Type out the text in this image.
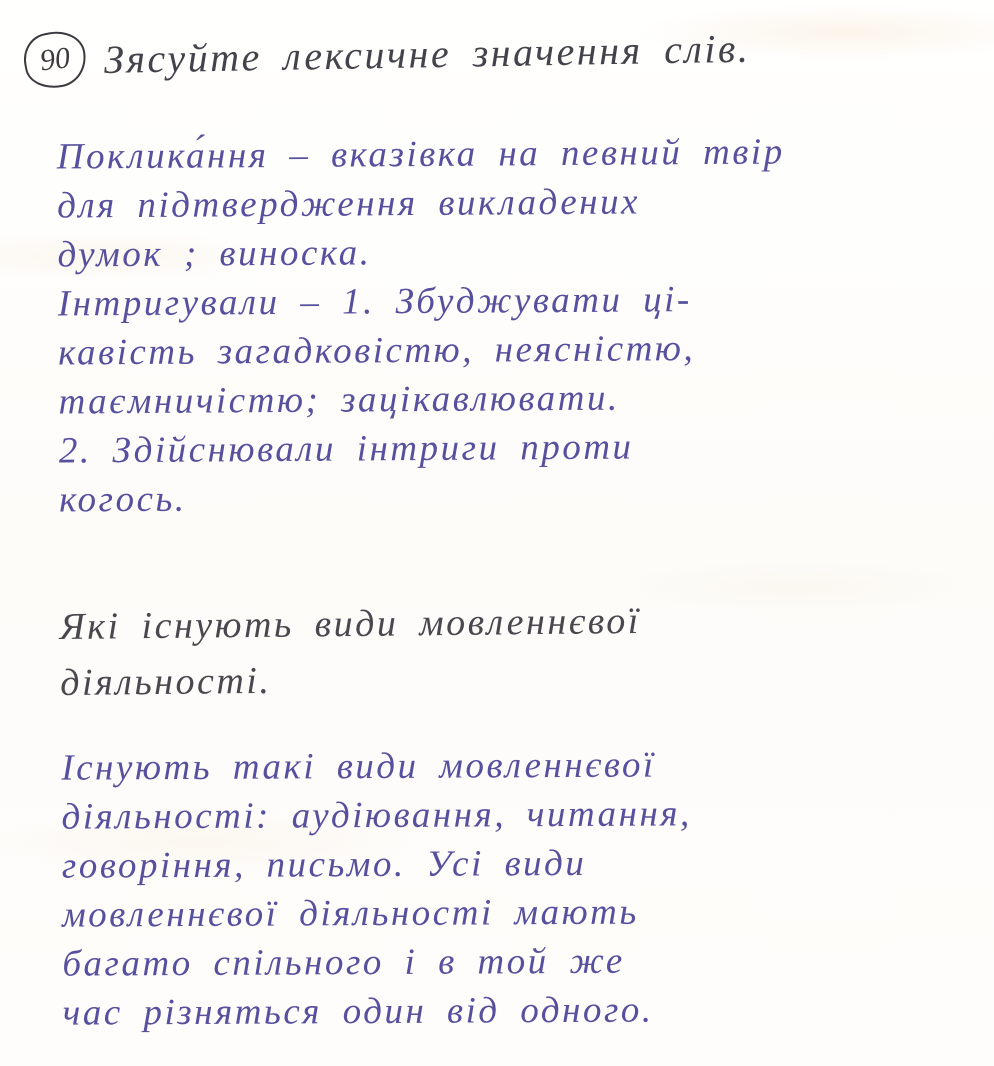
90 Зясуйте лексичне значення слів.
Поклика́ння – вказівка на певний твір
для підтвердження викладених
думок ; виноска.
Інтригували – 1. Збуджувати ці-
кавість загадковістю, неясністю,
таємничістю; зацікавлювати.
2. Здійснювали інтриги проти
когось.
Які існують види мовленнєвої
діяльності.
Існують такі види мовленнєвої
діяльності: аудіювання, читання,
говоріння, письмо. Усі види
мовленнєвої діяльності мають
багато спільного і в той же
час різняться один від одного.
